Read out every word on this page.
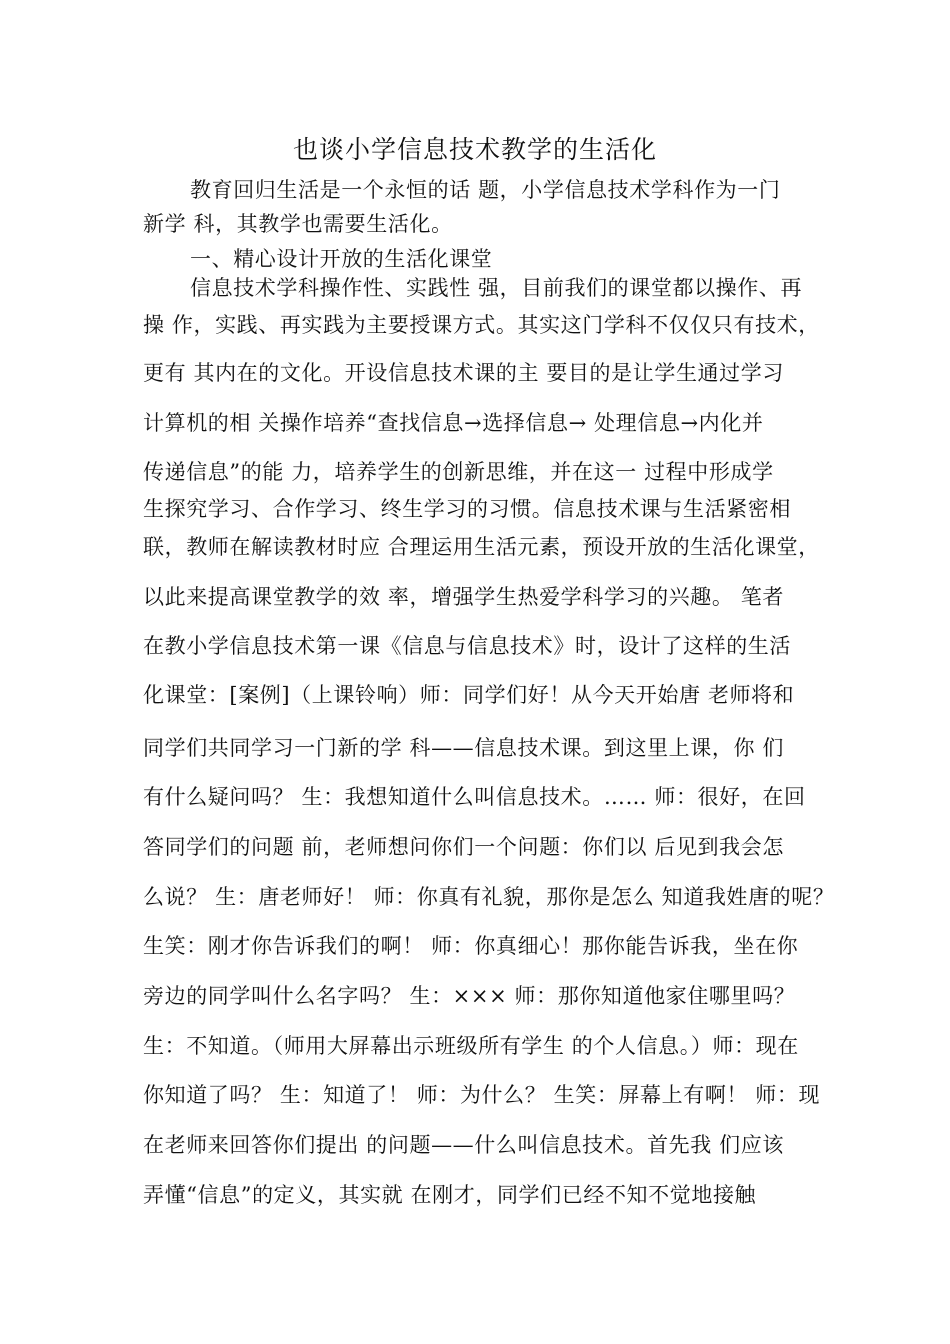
也谈小学信息技术教学的生活化
教育回归生活是一个永恒的话 题，小学信息技术学科作为一门
新学 科，其教学也需要生活化。
一、精心设计开放的生活化课堂
信息技术学科操作性、实践性 强，目前我们的课堂都以操作、再
操 作，实践、再实践为主要授课方式。其实这门学科不仅仅只有技术，
更有 其内在的文化。开设信息技术课的主 要目的是让学生通过学习
计算机的相 关操作培养“查找信息→选择信息→ 处理信息→内化并
传递信息”的能 力，培养学生的创新思维，并在这一 过程中形成学
生探究学习、合作学习、终生学习的习惯。信息技术课与生活紧密相
联，教师在解读教材时应 合理运用生活元素，预设开放的生活化课堂，
以此来提高课堂教学的效 率，增强学生热爱学科学习的兴趣。 笔者
在教小学信息技术第一课《信息与信息技术》时，设计了这样的生活
化课堂：[案例]（上课铃响）师：同学们好！从今天开始唐 老师将和
同学们共同学习一门新的学 科——信息技术课。到这里上课，你 们
有什么疑问吗？ 生：我想知道什么叫信息技术。…… 师：很好，在回
答同学们的问题 前，老师想问你们一个问题：你们以 后见到我会怎
么说？ 生：唐老师好！ 师：你真有礼貌，那你是怎么 知道我姓唐的呢？
生笑：刚才你告诉我们的啊！ 师：你真细心！那你能告诉我，坐在你
旁边的同学叫什么名字吗？ 生：××× 师：那你知道他家住哪里吗？
生：不知道。（师用大屏幕出示班级所有学生 的个人信息。）师：现在
你知道了吗？ 生：知道了！ 师：为什么？ 生笑：屏幕上有啊！ 师：现
在老师来回答你们提出 的问题——什么叫信息技术。首先我 们应该
弄懂“信息”的定义，其实就 在刚才，同学们已经不知不觉地接触
